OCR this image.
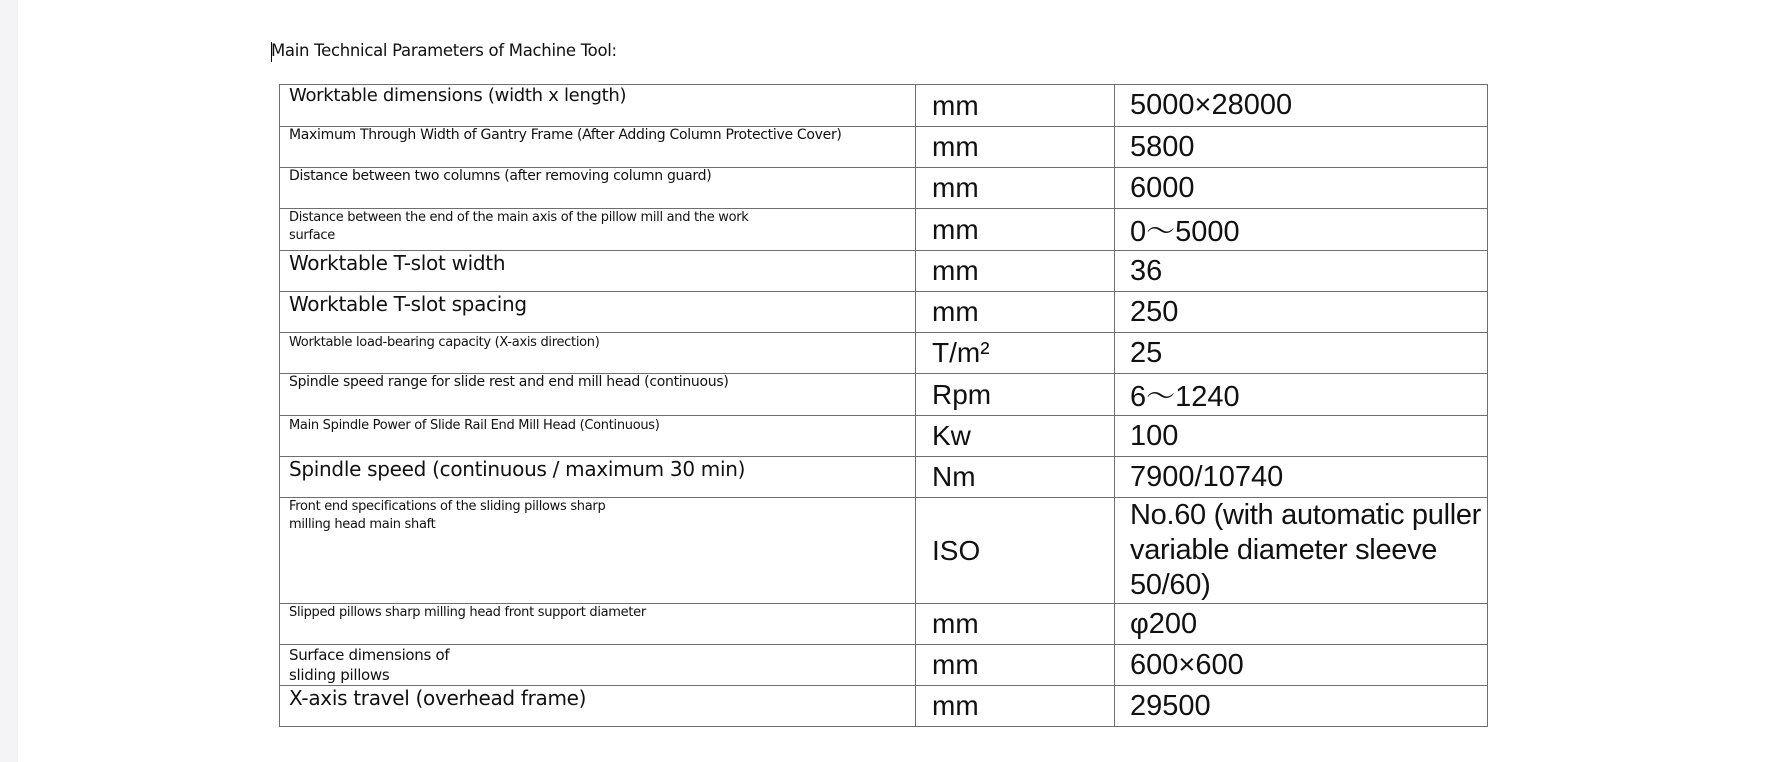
Main Technical Parameters of Machine Tool:
Worktable dimensions (width x length)	mm	5000×28000

Maximum Through Width of Gantry Frame (After Adding Column Protective Cover)	mm	5800

Distance between two columns (after removing column guard)	mm	6000

Distance between the end of the main axis of the pillow mill and the work surface	mm	0～5000

Worktable T-slot width	mm	36

Worktable T-slot spacing	mm	250

Worktable load-bearing capacity (X-axis direction)	T/m²	25

Spindle speed range for slide rest and end mill head (continuous)	Rpm	6～1240

Main Spindle Power of Slide Rail End Mill Head (Continuous)	Kw	100

Spindle speed (continuous / maximum 30 min)	Nm	7900/10740

Front end specifications of the sliding pillows sharp milling head main shaft	ISO	No.60 (with automatic puller variable diameter sleeve 50/60)

Slipped pillows sharp milling head front support diameter	mm	φ200

Surface dimensions of sliding pillows	mm	600×600

X-axis travel (overhead frame)	mm	29500
